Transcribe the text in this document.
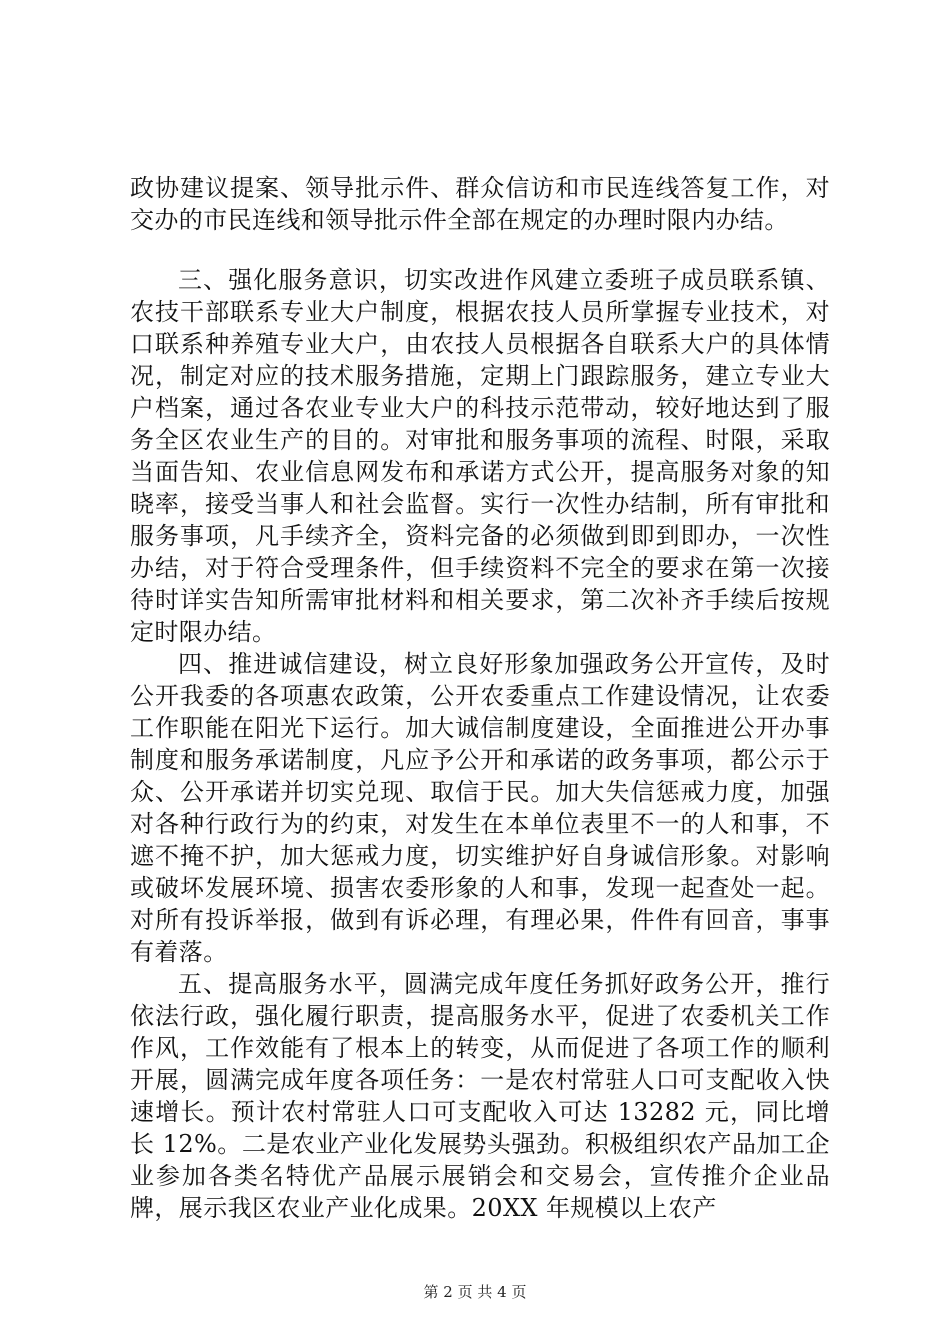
政协建议提案、领导批示件、群众信访和市民连线答复工作，对交办的市民连线和领导批示件全部在规定的办理时限内办结。

三、强化服务意识，切实改进作风建立委班子成员联系镇、农技干部联系专业大户制度，根据农技人员所掌握专业技术，对口联系种养殖专业大户，由农技人员根据各自联系大户的具体情况，制定对应的技术服务措施，定期上门跟踪服务，建立专业大户档案，通过各农业专业大户的科技示范带动，较好地达到了服务全区农业生产的目的。对审批和服务事项的流程、时限，采取当面告知、农业信息网发布和承诺方式公开，提高服务对象的知晓率，接受当事人和社会监督。实行一次性办结制，所有审批和服务事项，凡手续齐全，资料完备的必须做到即到即办，一次性办结，对于符合受理条件，但手续资料不完全的要求在第一次接待时详实告知所需审批材料和相关要求，第二次补齐手续后按规定时限办结。

四、推进诚信建设，树立良好形象加强政务公开宣传，及时公开我委的各项惠农政策，公开农委重点工作建设情况，让农委工作职能在阳光下运行。加大诚信制度建设，全面推进公开办事制度和服务承诺制度，凡应予公开和承诺的政务事项，都公示于众、公开承诺并切实兑现、取信于民。加大失信惩戒力度，加强对各种行政行为的约束，对发生在本单位表里不一的人和事，不遮不掩不护，加大惩戒力度，切实维护好自身诚信形象。对影响或破坏发展环境、损害农委形象的人和事，发现一起查处一起。对所有投诉举报，做到有诉必理，有理必果，件件有回音，事事有着落。

五、提高服务水平，圆满完成年度任务抓好政务公开，推行依法行政，强化履行职责，提高服务水平，促进了农委机关工作作风，工作效能有了根本上的转变，从而促进了各项工作的顺利开展，圆满完成年度各项任务：一是农村常驻人口可支配收入快速增长。预计农村常驻人口可支配收入可达 13282 元，同比增长 12%。二是农业产业化发展势头强劲。积极组织农产品加工企业参加各类名特优产品展示展销会和交易会，宣传推介企业品牌，展示我区农业产业化成果。20XX 年规模以上农产

第 2 页 共 4 页
